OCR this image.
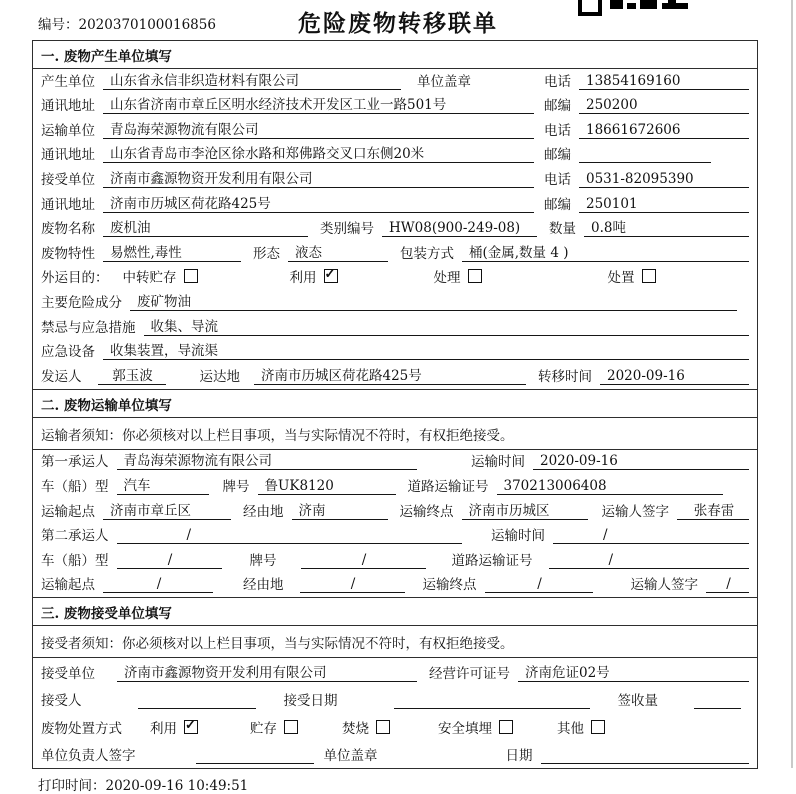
编号：2020370100016856	危险废物转移联单
一. 废物产生单位填写
产生单位	山东省永信非织造材料有限公司	单位盖章	电话	13854169160
通讯地址	山东省济南市章丘区明水经济技术开发区工业一路501号	邮编	250200
运输单位	青岛海荣源物流有限公司	电话	18661672606
通讯地址	山东省青岛市李沧区徐水路和郑佛路交叉口东侧20米	邮编
接受单位	济南市鑫源物资开发利用有限公司	电话	0531-82095390
通讯地址	济南市历城区荷花路425号	邮编	250101
废物名称	废机油	类别编号	HW08(900-249-08)	数量	0.8吨
废物特性	易燃性,毒性	形态	液态	包装方式	桶(金属,数量 4 )
外运目的： 中转贮存	利用 ✓	处理	处置
主要危险成分	废矿物油
禁忌与应急措施	收集、导流
应急设备	收集装置，导流渠
发运人	郭玉波	运达地	济南市历城区荷花路425号	转移时间	2020-09-16
二. 废物运输单位填写
运输者须知：你必须核对以上栏目事项，当与实际情况不符时，有权拒绝接受。
第一承运人	青岛海荣源物流有限公司	运输时间	2020-09-16
车（船）型	汽车	牌号	鲁UK8120	道路运输证号	370213006408
运输起点	济南市章丘区	经由地	济南	运输终点	济南市历城区	运输人签字	张春雷
第二承运人	/	运输时间	/
车（船）型	/	牌号	/	道路运输证号	/
运输起点	/	经由地	/	运输终点	/	运输人签字	/
三. 废物接受单位填写
接受者须知：你必须核对以上栏目事项，当与实际情况不符时，有权拒绝接受。
接受单位	济南市鑫源物资开发利用有限公司	经营许可证号	济南危证02号
接受人	接受日期	签收量
废物处置方式 利用 ✓	贮存	焚烧	安全填埋	其他
单位负责人签字	单位盖章	日期
打印时间：2020-09-16 10:49:51
